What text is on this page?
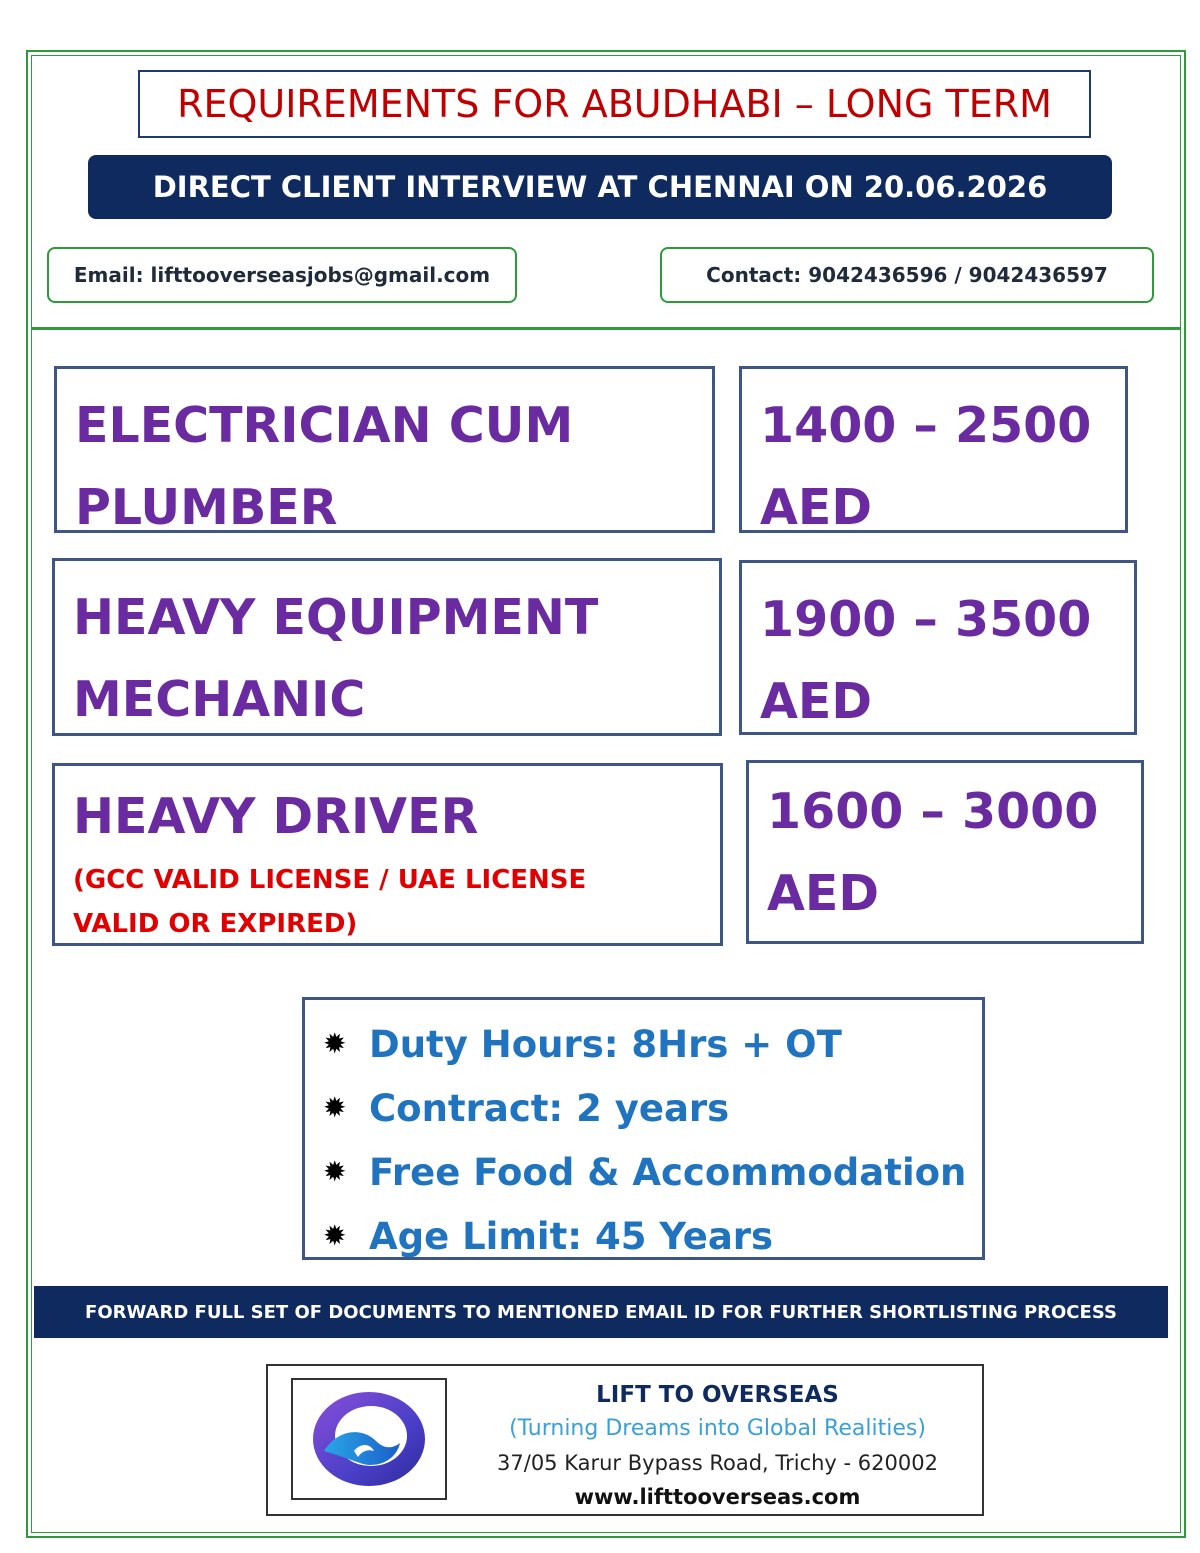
REQUIREMENTS FOR ABUDHABI – LONG TERM
DIRECT CLIENT INTERVIEW AT CHENNAI ON 20.06.2026
Email: lifttooverseasjobs@gmail.com	Contact: 9042436596 / 9042436597

ELECTRICIAN CUM

PLUMBER

1400 – 2500

AED

HEAVY EQUIPMENT

MECHANIC

1900 – 3500

AED

HEAVY DRIVER

(GCC VALID LICENSE / UAE LICENSE

VALID OR EXPIRED)

1600 – 3000

AED

✹ Duty Hours: 8Hrs + OT
✹ Contract: 2 years
✹ Free Food & Accommodation
✹ Age Limit: 45 Years
FORWARD FULL SET OF DOCUMENTS TO MENTIONED EMAIL ID FOR FURTHER SHORTLISTING PROCESS

LIFT TO OVERSEAS

(Turning Dreams into Global Realities)

37/05 Karur Bypass Road, Trichy - 620002

www.lifttooverseas.com
